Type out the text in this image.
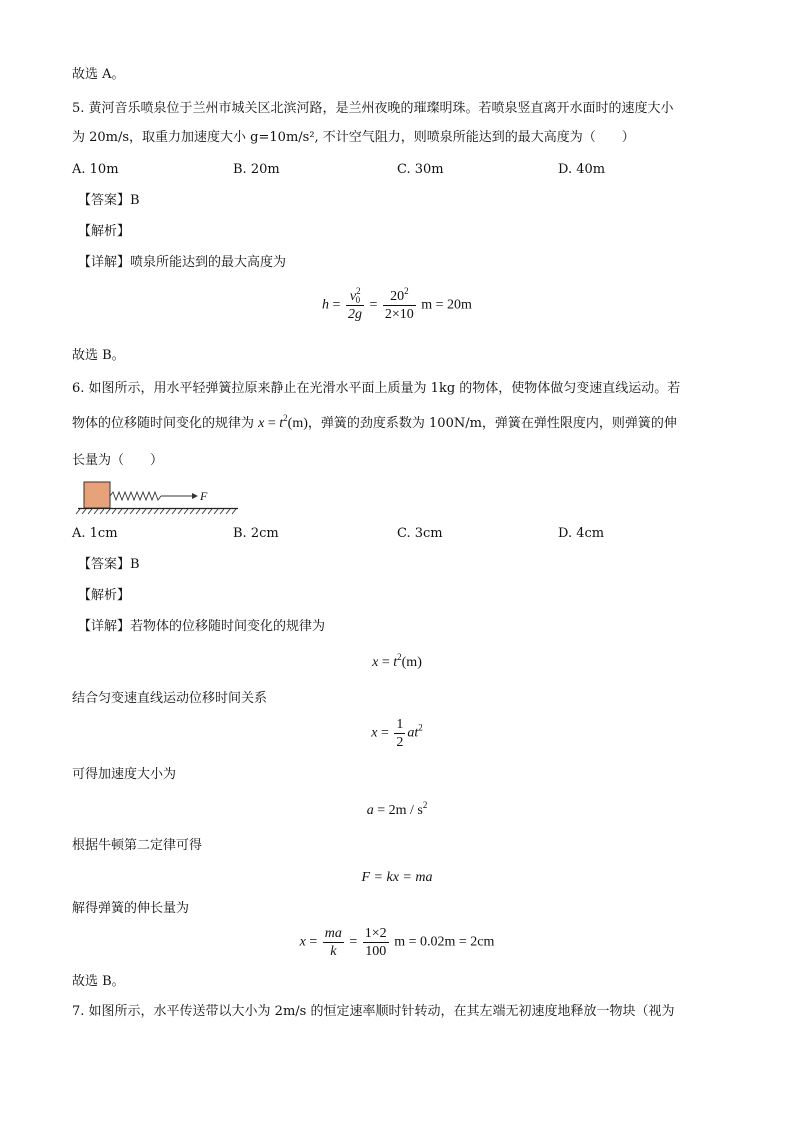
故选 A。
5. 黄河音乐喷泉位于兰州市城关区北滨河路，是兰州夜晚的璀璨明珠。若喷泉竖直离开水面时的速度大小
为 20m/s，取重力加速度大小 g=10m/s², 不计空气阻力，则喷泉所能达到的最大高度为（　　）
A. 10m	B. 20m	C. 30m	D. 40m
【答案】B
【解析】
【详解】喷泉所能达到的最大高度为
$h = \frac{v^2_0}{2g} = \frac{20^2}{2\times 10}$ m = 20m
故选 B。
6. 如图所示，用水平轻弹簧拉原来静止在光滑水平面上质量为 1kg 的物体，使物体做匀变速直线运动。若
物体的位移随时间变化的规律为 $x = t^2(m)$，弹簧的劲度系数为 100N/m，弹簧在弹性限度内，则弹簧的伸
长量为（　　）
F
A. 1cm	B. 2cm	C. 3cm	D. 4cm
【答案】B
【解析】
【详解】若物体的位移随时间变化的规律为
$x = t^2(m)$
结合匀变速直线运动位移时间关系
$x = \frac{1}{2} at^2$
可得加速度大小为
$a = 2m / s^2$
根据牛顿第二定律可得
F = kx = ma
解得弹簧的伸长量为
$x = \frac{ma}{k} = \frac{1\times 2}{100}$ m = 0.02m = 2cm
故选 B。
7. 如图所示，水平传送带以大小为 2m/s 的恒定速率顺时针转动，在其左端无初速度地释放一物块（视为
